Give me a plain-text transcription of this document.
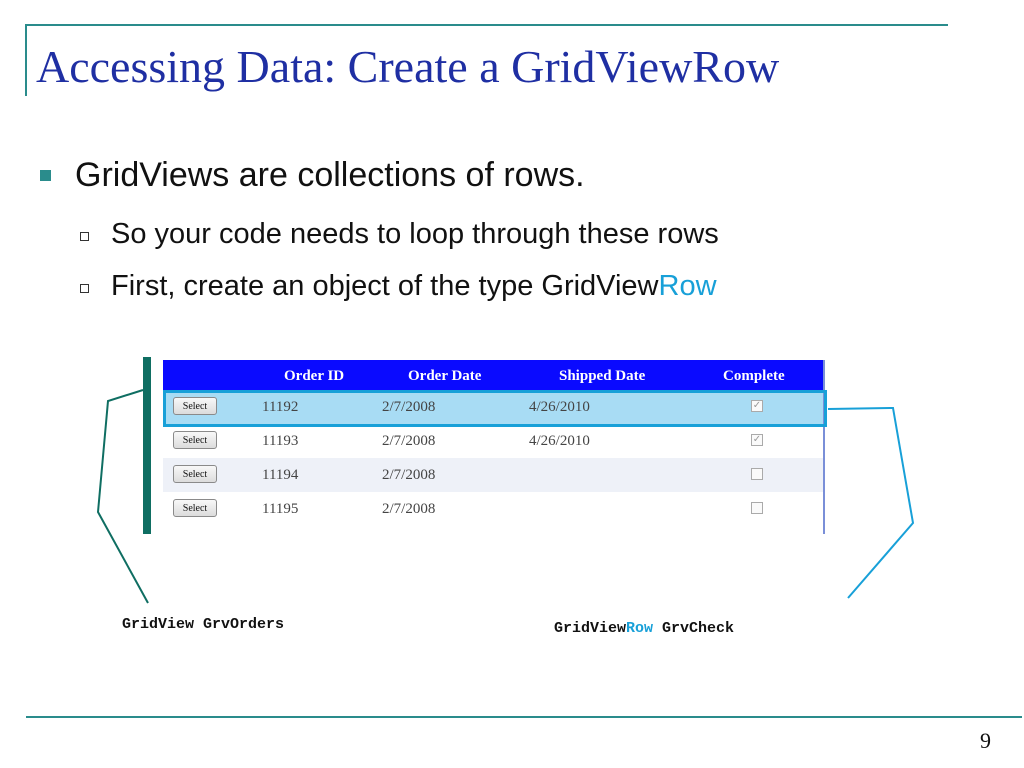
Accessing Data: Create a GridViewRow
GridViews are collections of rows.
So your code needs to loop through these rows
First, create an object of the type GridViewRow
Order ID	Order Date	Shipped Date	Complete
Select	11192	2/7/2008	4/26/2010	✓
Select	11193	2/7/2008	4/26/2010	✓
Select	11194	2/7/2008
Select	11195	2/7/2008
GridView GrvOrders	GridViewRow GrvCheck
9
